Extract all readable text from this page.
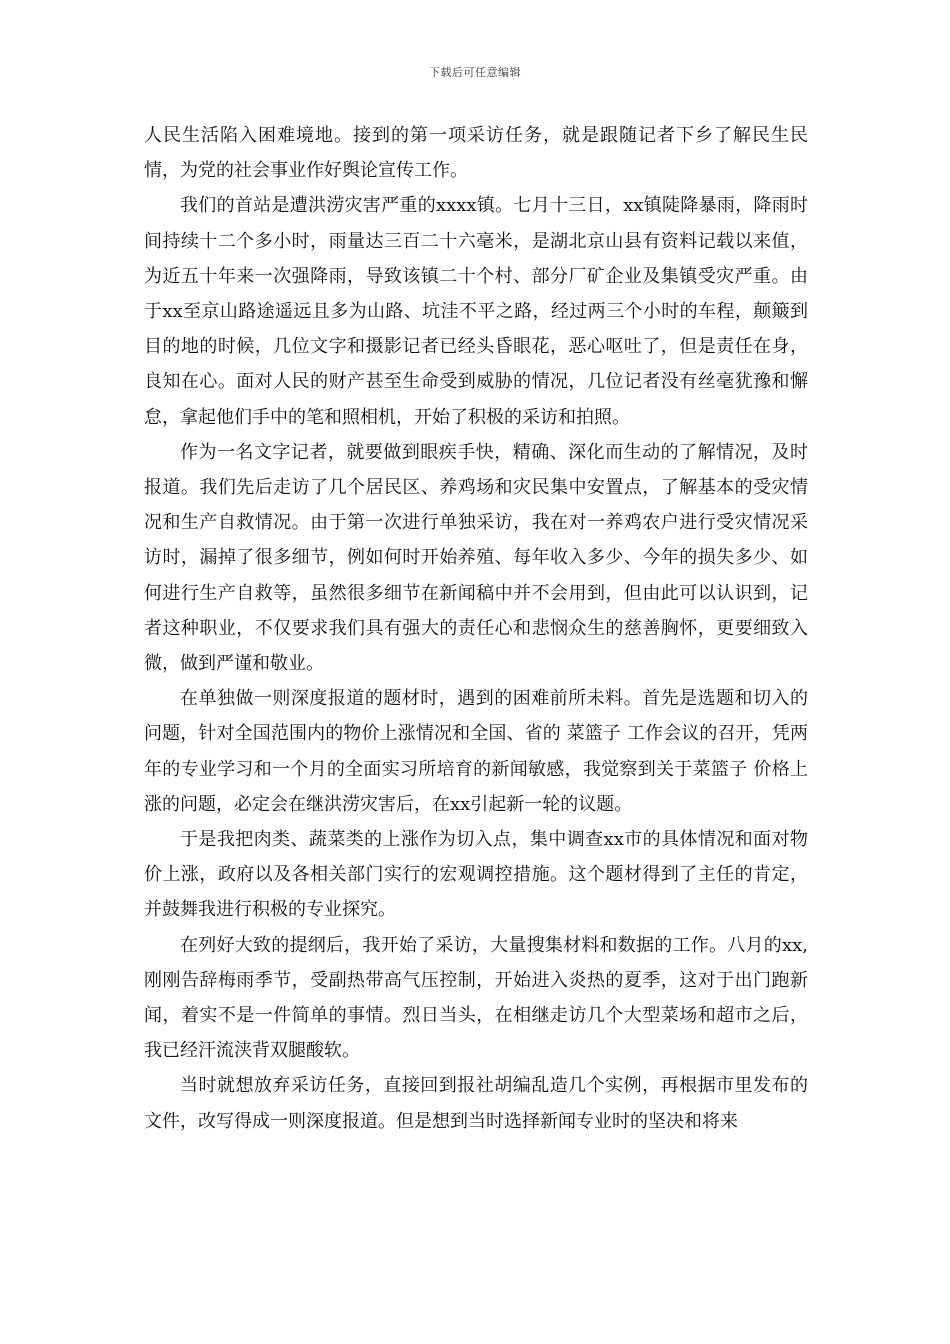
下载后可任意编辑

人民生活陷入困难境地。接到的第一项采访任务，就是跟随记者下乡了解民生民情，为党的社会事业作好舆论宣传工作。

我们的首站是遭洪涝灾害严重的xxxx镇。七月十三日，xx镇陡降暴雨，降雨时间持续十二个多小时，雨量达三百二十六毫米，是湖北京山县有资料记载以来值，为近五十年来一次强降雨，导致该镇二十个村、部分厂矿企业及集镇受灾严重。由于xx至京山路途遥远且多为山路、坑洼不平之路，经过两三个小时的车程，颠簸到目的地的时候，几位文字和摄影记者已经头昏眼花，恶心呕吐了，但是责任在身，良知在心。面对人民的财产甚至生命受到威胁的情况，几位记者没有丝毫犹豫和懈怠，拿起他们手中的笔和照相机，开始了积极的采访和拍照。

作为一名文字记者，就要做到眼疾手快，精确、深化而生动的了解情况，及时报道。我们先后走访了几个居民区、养鸡场和灾民集中安置点，了解基本的受灾情况和生产自救情况。由于第一次进行单独采访，我在对一养鸡农户进行受灾情况采访时，漏掉了很多细节，例如何时开始养殖、每年收入多少、今年的损失多少、如何进行生产自救等，虽然很多细节在新闻稿中并不会用到，但由此可以认识到，记者这种职业，不仅要求我们具有强大的责任心和悲悯众生的慈善胸怀，更要细致入微，做到严谨和敬业。

在单独做一则深度报道的题材时，遇到的困难前所未料。首先是选题和切入的问题，针对全国范围内的物价上涨情况和全国、省的 菜篮子 工作会议的召开，凭两年的专业学习和一个月的全面实习所培育的新闻敏感，我觉察到关于菜篮子 价格上涨的问题，必定会在继洪涝灾害后，在xx引起新一轮的议题。

于是我把肉类、蔬菜类的上涨作为切入点，集中调查xx市的具体情况和面对物价上涨，政府以及各相关部门实行的宏观调控措施。这个题材得到了主任的肯定，并鼓舞我进行积极的专业探究。

在列好大致的提纲后，我开始了采访，大量搜集材料和数据的工作。八月的xx,刚刚告辞梅雨季节，受副热带高气压控制，开始进入炎热的夏季，这对于出门跑新闻，着实不是一件简单的事情。烈日当头，在相继走访几个大型菜场和超市之后，我已经汗流浃背双腿酸软。

当时就想放弃采访任务，直接回到报社胡编乱造几个实例，再根据市里发布的文件，改写得成一则深度报道。但是想到当时选择新闻专业时的坚决和将来
